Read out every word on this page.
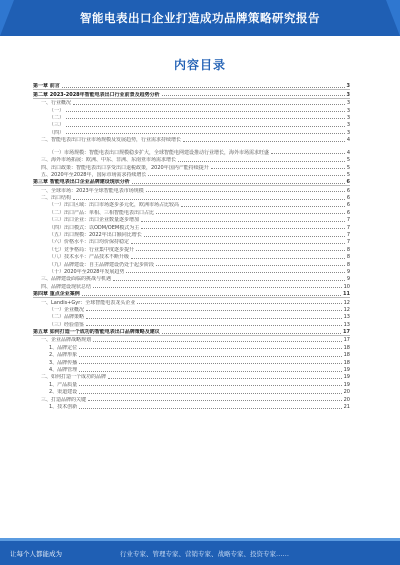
智能电表出口企业打造成功品牌策略研究报告
内容目录
第一章 前言	3
第二章 2023-2028年智能电表出口行业前景及趋势分析	3
一、行业概况	3
（一）	3
（二）	3
（三）	3
（四）	3
二、智能电表出口行业市场规模及发展趋势，行业需求持续增长	4
（一）市场规模：智能电表出口规模稳步扩大，全球智能电网建设推动行业增长，海外市场需求旺盛	4
三、海外市场拓展：欧洲、中东、非洲、东南亚市场需求增长	5
四、出口政策：智能电表出口享受出口退税政策，2020年国内产能持续提升	5
五、2020年至2028年，国际市场需求持续增长	5
第三章 智能电表出口企业品牌建设现状分析	6
一、全球市场：2023年全球智能电表市场规模	6
二、出口结构	6
（一）出口区域：出口市场逐步多元化，欧洲市场占比较高	6
（二）出口产品：单相、三相智能电表出口占比	6
（三）出口企业：出口企业数量逐步增加	7
（四）出口模式：以ODM/OEM模式为主	7
（五）出口规模：2022年出口额同比增长	7
（六）价格水平：出口均价保持稳定	7
（七）竞争格局：行业集中度逐步提升	8
（八）技术水平：产品技术不断升级	8
（九）品牌建设：自主品牌建设仍处于起步阶段	8
（十）2020年至2028年发展趋势	9
三、品牌建设面临的挑战与机遇	9
四、品牌建设现状总结	10
第四章 重点企业案例	11
一、Landis+Gyr：全球智能电表龙头企业	12
（一）企业概况	12
（二）品牌策略	13
（三）经验借鉴	13
第五章 如何打造一个成功的智能电表出口品牌策略及建议	17
一、企业品牌战略规划	17
1、品牌定位	18
2、品牌形象	18
3、品牌传播	18
4、品牌管理	19
二、如何打造一个成功的品牌	19
1、产品质量	19
2、渠道建设	20
三、打造品牌的关键	20
1、技术创新	21
让每个人都能成为	行业专家、管理专家、营销专家、战略专家、投资专家……
